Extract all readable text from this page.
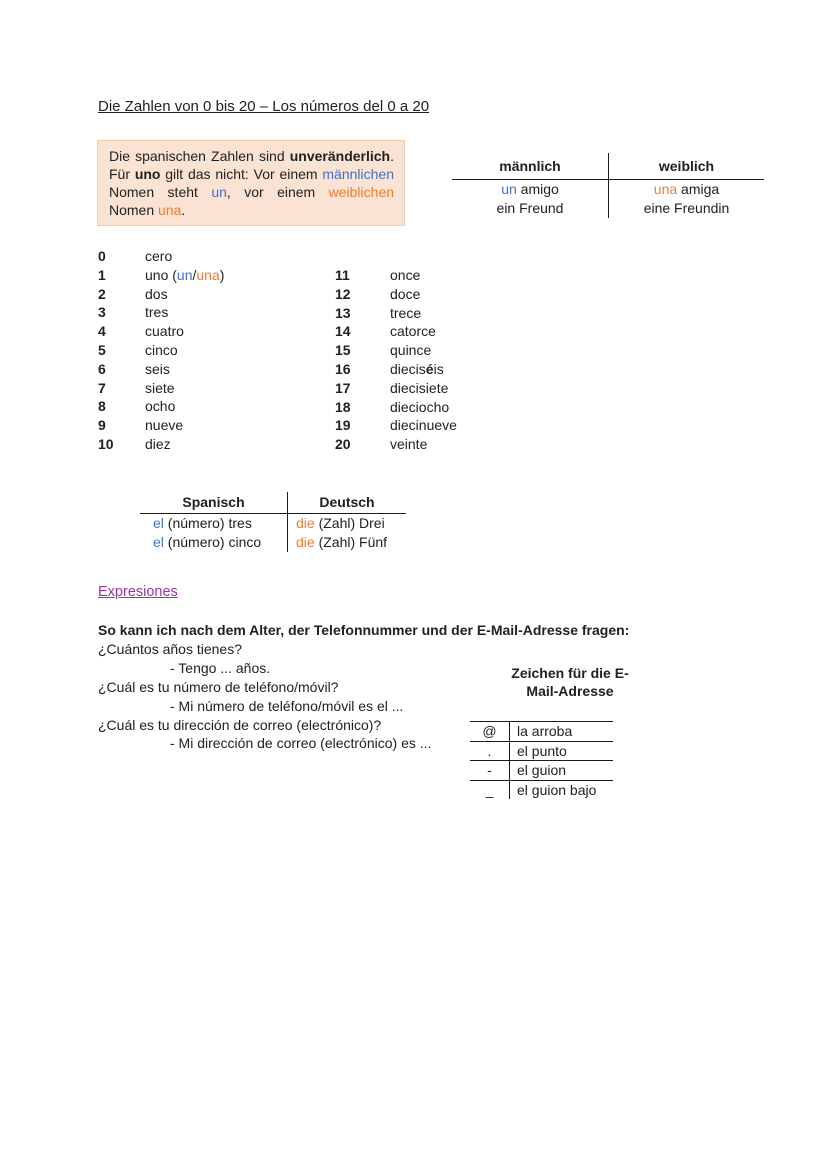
Die Zahlen von 0 bis 20 – Los números del 0 a 20
Die spanischen Zahlen sind unveränderlich. Für uno gilt das nicht: Vor einem männlichen Nomen steht un, vor einem weiblichen Nomen una.
männlich	weiblich
un amigo	una amiga
ein Freund	eine Freundin
0	cero
1	uno (un/una)
2	dos
3	tres
4	cuatro
5	cinco
6	seis
7	siete
8	ocho
9	nueve
10	diez
11	once
12	doce
13	trece
14	catorce
15	quince
16	dieciséis
17	diecisiete
18	dieciocho
19	diecinueve
20	veinte
Spanisch	Deutsch
el (número) tres	die (Zahl) Drei
el (número) cinco	die (Zahl) Fünf
Expresiones
So kann ich nach dem Alter, der Telefonnummer und der E-Mail-Adresse fragen:
¿Cuántos años tienes?
- Tengo ... años.
¿Cuál es tu número de teléfono/móvil?
- Mi número de teléfono/móvil es el ...
¿Cuál es tu dirección de correo (electrónico)?
- Mi dirección de correo (electrónico) es ...
Zeichen für die E-
Mail-Adresse
@	la arroba
.	el punto
-	el guion
_	el guion bajo
